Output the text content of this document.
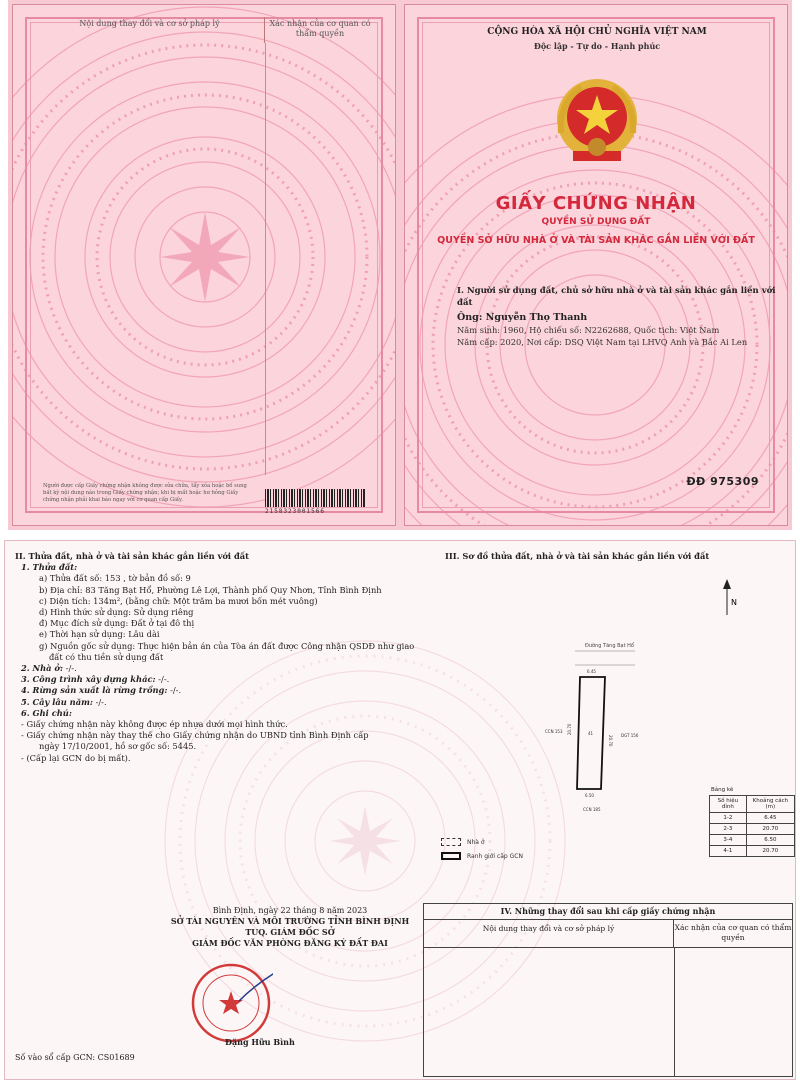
Nội dung thay đổi và cơ sở pháp lý	Xác nhận của cơ quan có thẩm quyền
Người được cấp Giấy chứng nhận không được sửa chữa, tẩy xóa hoặc bổ sung bất kỳ nội dung nào trong Giấy chứng nhận; khi bị mất hoặc hư hỏng Giấy chứng nhận phải khai báo ngay với cơ quan cấp Giấy.
2158323001566
CỘNG HÒA XÃ HỘI CHỦ NGHĨA VIỆT NAM
Độc lập - Tự do - Hạnh phúc
GIẤY CHỨNG NHẬN
QUYỀN SỬ DỤNG ĐẤT
QUYỀN SỞ HỮU NHÀ Ở VÀ TÀI SẢN KHÁC GẮN LIỀN VỚI ĐẤT
I. Người sử dụng đất, chủ sở hữu nhà ở và tài sản khác gắn liền với đất
Ông: Nguyễn Thọ Thanh
Năm sinh: 1960, Hộ chiếu số: N2262688, Quốc tịch: Việt Nam
Năm cấp: 2020, Nơi cấp: DSQ Việt Nam tại LHVQ Anh và Bắc Ai Len
ĐĐ 975309
II. Thửa đất, nhà ở và tài sản khác gắn liền với đất
1. Thửa đất:
a) Thửa đất số: 153 , tờ bản đồ số: 9
b) Địa chỉ: 83 Tăng Bạt Hổ, Phường Lê Lợi, Thành phố Quy Nhơn, Tỉnh Bình Định
c) Diện tích: 134m², (bằng chữ: Một trăm ba mươi bốn mét vuông)
d) Hình thức sử dụng: Sử dụng riêng
đ) Mục đích sử dụng: Đất ở tại đô thị
e) Thời hạn sử dụng: Lâu dài
g) Nguồn gốc sử dụng: Thực hiện bản án của Tòa án đất được Công nhận QSDĐ như giao
đất có thu tiền sử dụng đất
2. Nhà ở: -/-.
3. Công trình xây dựng khác: -/-.
4. Rừng sản xuất là rừng trồng: -/-.
5. Cây lâu năm: -/-.
6. Ghi chú:
- Giấy chứng nhận này không được ép nhựa dưới mọi hình thức.
- Giấy chứng nhận này thay thế cho Giấy chứng nhận do UBND tỉnh Bình Định cấp
ngày 17/10/2001, hồ sơ gốc số: 5445.
- (Cấp lại GCN do bị mất).
III. Sơ đồ thửa đất, nhà ở và tài sản khác gắn liền với đất
N
Đường Tăng Bạt Hổ
20.70
20.70
6.45
6.50
41
CCN 153
DGT 156
CCN 185
Nhà ở
Ranh giới cấp GCN
Bảng kê
Số hiệu đỉnh	Khoảng cách (m)
1-2	6.45
2-3	20.70
3-4	6.50
4-1	20.70
Bình Định, ngày 22 tháng 8 năm 2023
SỞ TÀI NGUYÊN VÀ MÔI TRƯỜNG TỈNH BÌNH ĐỊNH
TUQ. GIÁM ĐỐC SỞ
GIÁM ĐỐC VĂN PHÒNG ĐĂNG KÝ ĐẤT ĐAI
Đặng Hữu Bình
Số vào sổ cấp GCN: CS01689
IV. Những thay đổi sau khi cấp giấy chứng nhận
Nội dung thay đổi và cơ sở pháp lý	Xác nhận của cơ quan có thẩm quyền
